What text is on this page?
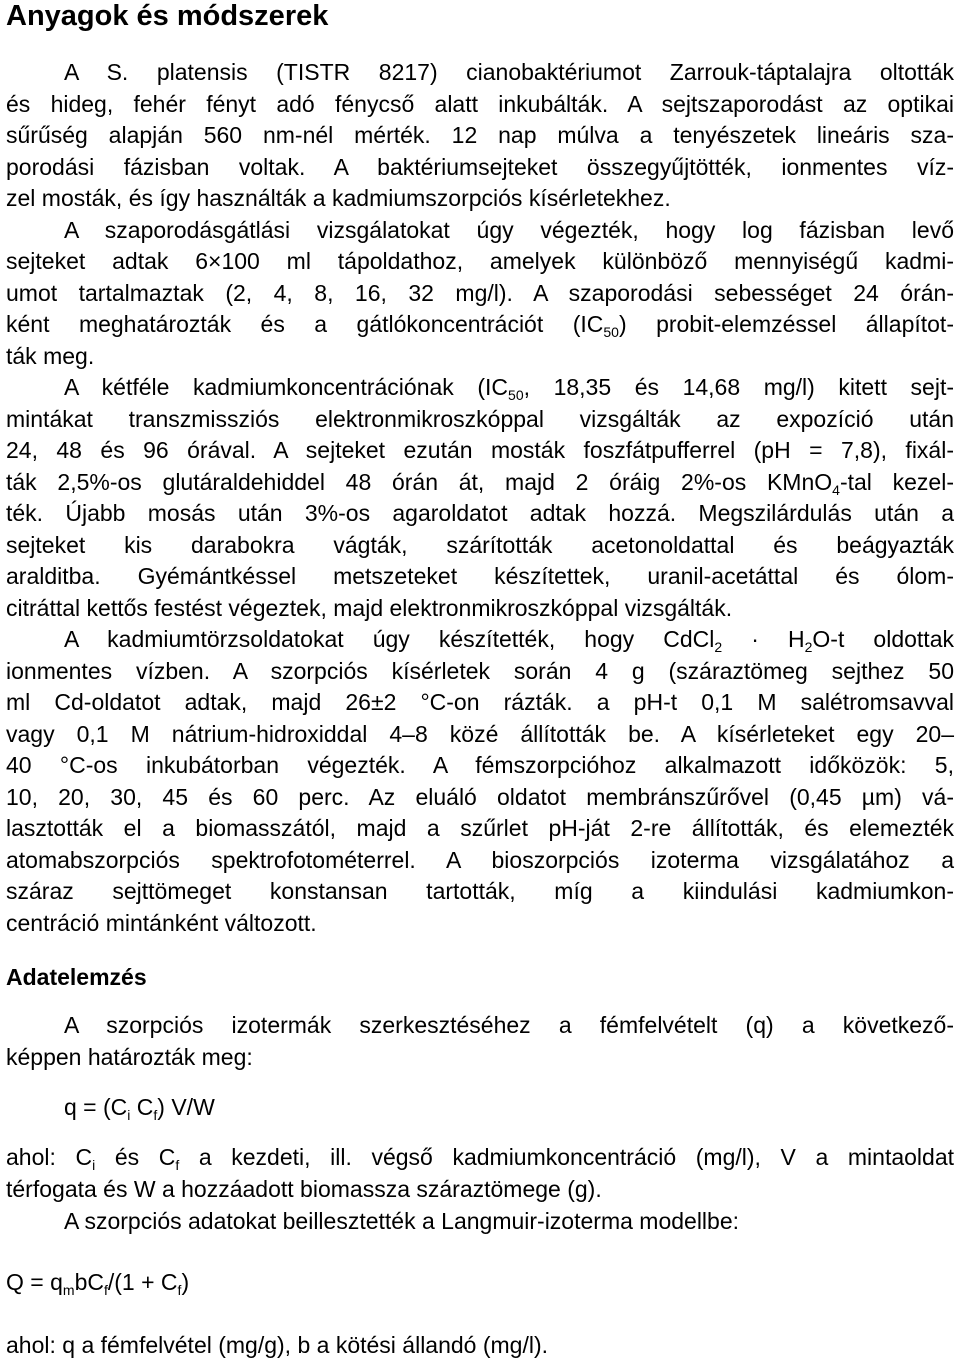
Anyagok és módszerek
A S. platensis (TISTR 8217) cianobaktériumot Zarrouk-táptalajra oltották
és hideg, fehér fényt adó fénycső alatt inkubálták. A sejtszaporodást az optikai
sűrűség alapján 560 nm-nél mérték. 12 nap múlva a tenyészetek lineáris sza-
porodási fázisban voltak. A baktériumsejteket összegyűjtötték, ionmentes víz-
zel mosták, és így használták a kadmiumszorpciós kísérletekhez.
A szaporodásgátlási vizsgálatokat úgy végezték, hogy log fázisban levő
sejteket adtak 6×100 ml tápoldathoz, amelyek különböző mennyiségű kadmi-
umot tartalmaztak (2, 4, 8, 16, 32 mg/l). A szaporodási sebességet 24 órán-
ként meghatározták és a gátlókoncentrációt $(IC_{50})$ probit-elemzéssel állapítot-
ták meg.
A kétféle kadmiumkoncentrációnak ($IC_{50}$, 18,35 és 14,68 mg/l) kitett sejt-
mintákat transzmissziós elektronmikroszkóppal vizsgálták az expozíció után
24, 48 és 96 órával. A sejteket ezután mosták foszfátpufferrel (pH = 7,8), fixál-
ták 2,5%-os glutáraldehiddel 48 órán át, majd 2 óráig 2%-os KMnO$_4$-tal kezel-
ték. Újabb mosás után 3%-os agaroldatot adtak hozzá. Megszilárdulás után a
sejteket kis darabokra vágták, szárították acetonoldattal és beágyazták
aralditba. Gyémántkéssel metszeteket készítettek, uranil-acetáttal és ólom-
citráttal kettős festést végeztek, majd elektronmikroszkóppal vizsgálták.
A kadmiumtörzsoldatokat úgy készítették, hogy CdCl$_2$ · $H_2O-t$ oldottak
ionmentes vízben. A szorpciós kísérletek során 4 g (száraztömeg sejthez 50
ml Cd-oldatot adtak, majd 26±2 °C-on rázták. a pH-t 0,1 M salétromsavval
vagy 0,1 M nátrium-hidroxiddal 4–8 közé állították be. A kísérleteket egy 20–
40 °C-os inkubátorban végezték. A fémszorpcióhoz alkalmazott időközök: 5,
10, 20, 30, 45 és 60 perc. Az eluáló oldatot membránszűrővel (0,45 µm) vá-
lasztották el a biomasszától, majd a szűrlet pH-ját 2-re állították, és elemezték
atomabszorpciós spektrofotométerrel. A bioszorpciós izoterma vizsgálatához a
száraz sejttömeget konstansan tartották, míg a kiindulási kadmiumkon-
centráció mintánként változott.
Adatelemzés
A szorpciós izotermák szerkesztéséhez a fémfelvételt (q) a következő-
képpen határozták meg:
$q = (C_i$ $C_f$) V/W
ahol: $C_i$ és $C_f$ a kezdeti, ill. végső kadmiumkoncentráció (mg/l), V a mintaoldat
térfogata és W a hozzáadott biomassza száraztömege (g).
A szorpciós adatokat beillesztették a Langmuir-izoterma modellbe:
$Q = q_mbC_f/(1 + C_f)$
ahol: q a fémfelvétel (mg/g), b a kötési állandó (mg/l).
